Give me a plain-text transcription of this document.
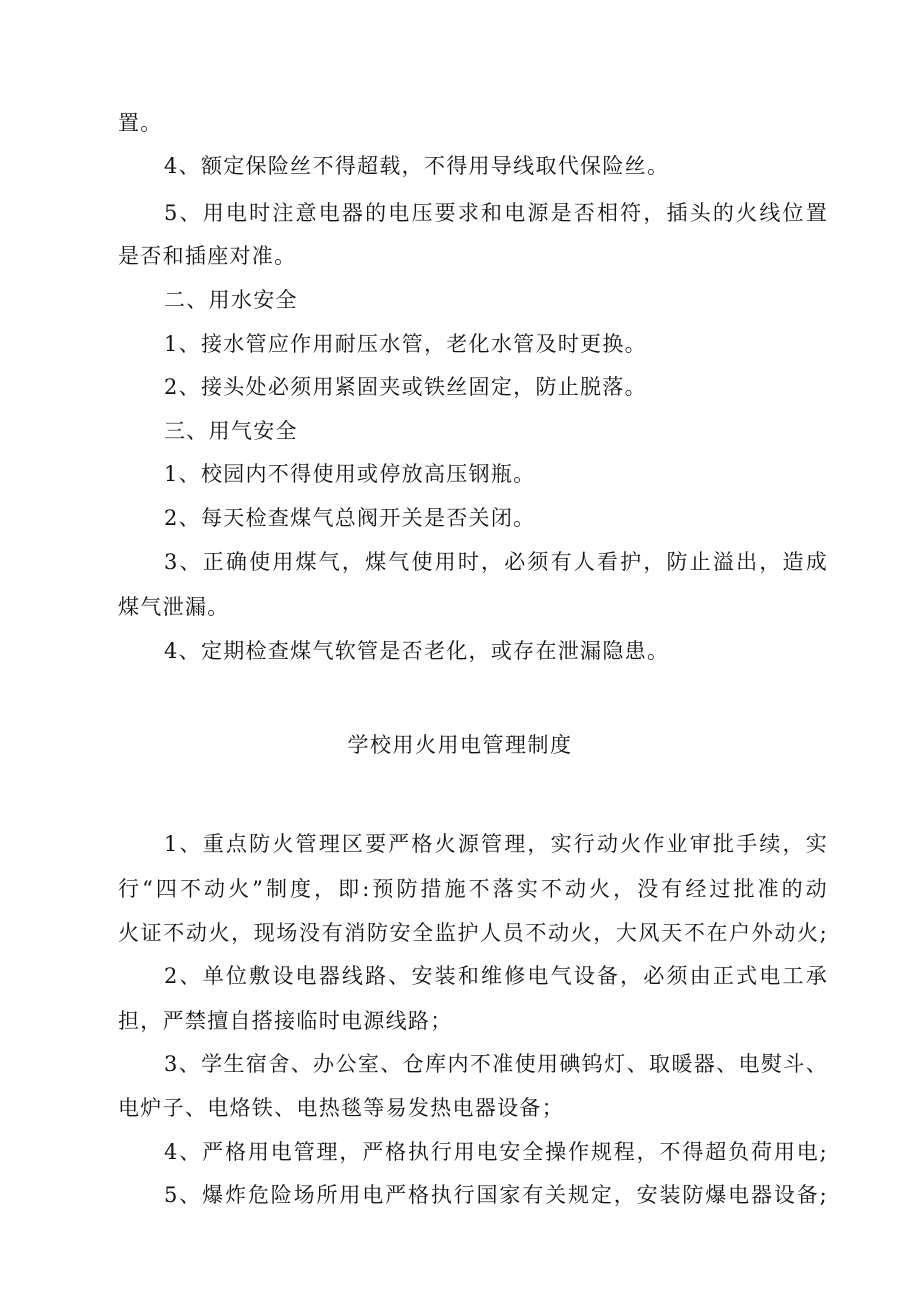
置。
4、额定保险丝不得超载，不得用导线取代保险丝。
5、用电时注意电器的电压要求和电源是否相符，插头的火线位置
是否和插座对准。
二、用水安全
1、接水管应作用耐压水管，老化水管及时更换。
2、接头处必须用紧固夹或铁丝固定，防止脱落。
三、用气安全
1、校园内不得使用或停放高压钢瓶。
2、每天检查煤气总阀开关是否关闭。
3、正确使用煤气，煤气使用时，必须有人看护，防止溢出，造成
煤气泄漏。
4、定期检查煤气软管是否老化，或存在泄漏隐患。
学校用火用电管理制度
1、重点防火管理区要严格火源管理，实行动火作业审批手续，实
行“四不动火”制度，即:预防措施不落实不动火，没有经过批准的动
火证不动火，现场没有消防安全监护人员不动火，大风天不在户外动火;
2、单位敷设电器线路、安装和维修电气设备，必须由正式电工承
担，严禁擅自搭接临时电源线路；
3、学生宿舍、办公室、仓库内不准使用碘钨灯、取暖器、电熨斗、
电炉子、电烙铁、电热毯等易发热电器设备；
4、严格用电管理，严格执行用电安全操作规程，不得超负荷用电;
5、爆炸危险场所用电严格执行国家有关规定，安装防爆电器设备;
